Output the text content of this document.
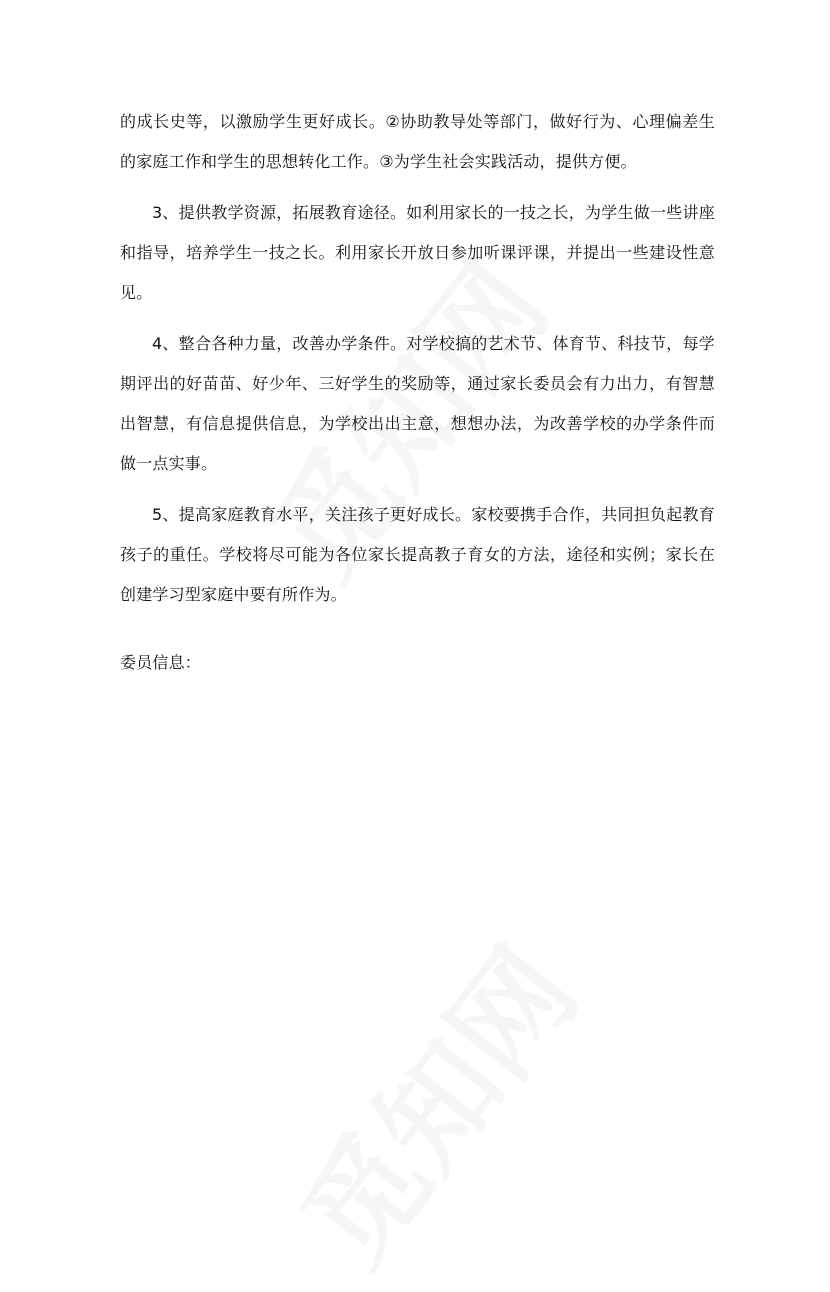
的成长史等，以激励学生更好成长。②协助教导处等部门，做好行为、心理偏差生的家庭工作和学生的思想转化工作。③为学生社会实践活动，提供方便。

3、提供教学资源，拓展教育途径。如利用家长的一技之长，为学生做一些讲座和指导，培养学生一技之长。利用家长开放日参加听课评课，并提出一些建设性意见。

4、整合各种力量，改善办学条件。对学校搞的艺术节、体育节、科技节，每学期评出的好苗苗、好少年、三好学生的奖励等，通过家长委员会有力出力，有智慧出智慧，有信息提供信息，为学校出出主意，想想办法，为改善学校的办学条件而做一点实事。

5、提高家庭教育水平，关注孩子更好成长。家校要携手合作，共同担负起教育孩子的重任。学校将尽可能为各位家长提高教子育女的方法，途径和实例；家长在创建学习型家庭中要有所作为。

委员信息：
